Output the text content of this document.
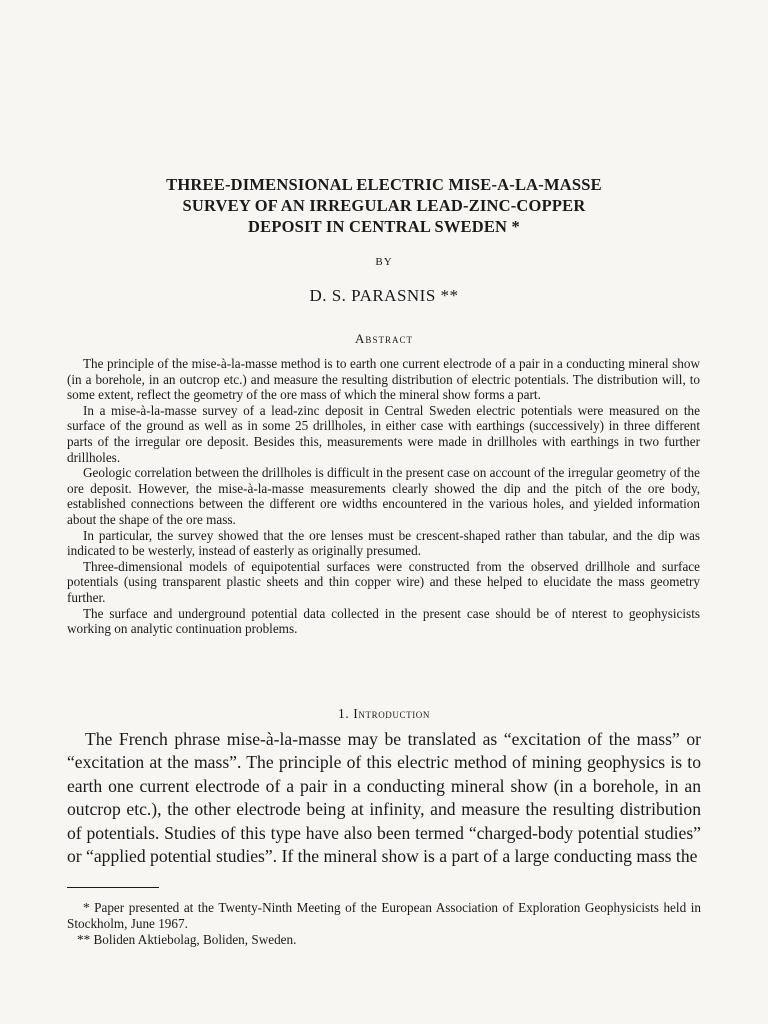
THREE-DIMENSIONAL ELECTRIC MISE-A-LA-MASSE
SURVEY OF AN IRREGULAR LEAD-ZINC-COPPER
DEPOSIT IN CENTRAL SWEDEN *
BY
D. S. PARASNIS **
Abstract

The principle of the mise-à-la-masse method is to earth one current electrode of a pair in a conducting mineral show (in a borehole, in an outcrop etc.) and measure the resulting distribution of electric potentials. The distribution will, to some extent, reflect the geometry of the ore mass of which the mineral show forms a part.

In a mise-à-la-masse survey of a lead-zinc deposit in Central Sweden electric potentials were measured on the surface of the ground as well as in some 25 drillholes, in either case with earthings (successively) in three different parts of the irregular ore deposit. Besides this, measurements were made in drillholes with earthings in two further drillholes.

Geologic correlation between the drillholes is difficult in the present case on account of the irregular geometry of the ore deposit. However, the mise-à-la-masse measurements clearly showed the dip and the pitch of the ore body, established connections between the different ore widths encountered in the various holes, and yielded information about the shape of the ore mass.

In particular, the survey showed that the ore lenses must be crescent-shaped rather than tabular, and the dip was indicated to be westerly, instead of easterly as originally presumed.

Three-dimensional models of equipotential surfaces were constructed from the observed drillhole and surface potentials (using transparent plastic sheets and thin copper wire) and these helped to elucidate the mass geometry further.

The surface and underground potential data collected in the present case should be of nterest to geophysicists working on analytic continuation problems.

1. Introduction

The French phrase mise-à-la-masse may be translated as “excitation of the mass” or “excitation at the mass”. The principle of this electric method of mining geophysics is to earth one current electrode of a pair in a conducting mineral show (in a borehole, in an outcrop etc.), the other electrode being at infinity, and measure the resulting distribution of potentials. Studies of this type have also been termed “charged-body potential studies” or “applied potential studies”. If the mineral show is a part of a large conducting mass the

* Paper presented at the Twenty-Ninth Meeting of the European Association of Exploration Geophysicists held in Stockholm, June 1967.

** Boliden Aktiebolag, Boliden, Sweden.
